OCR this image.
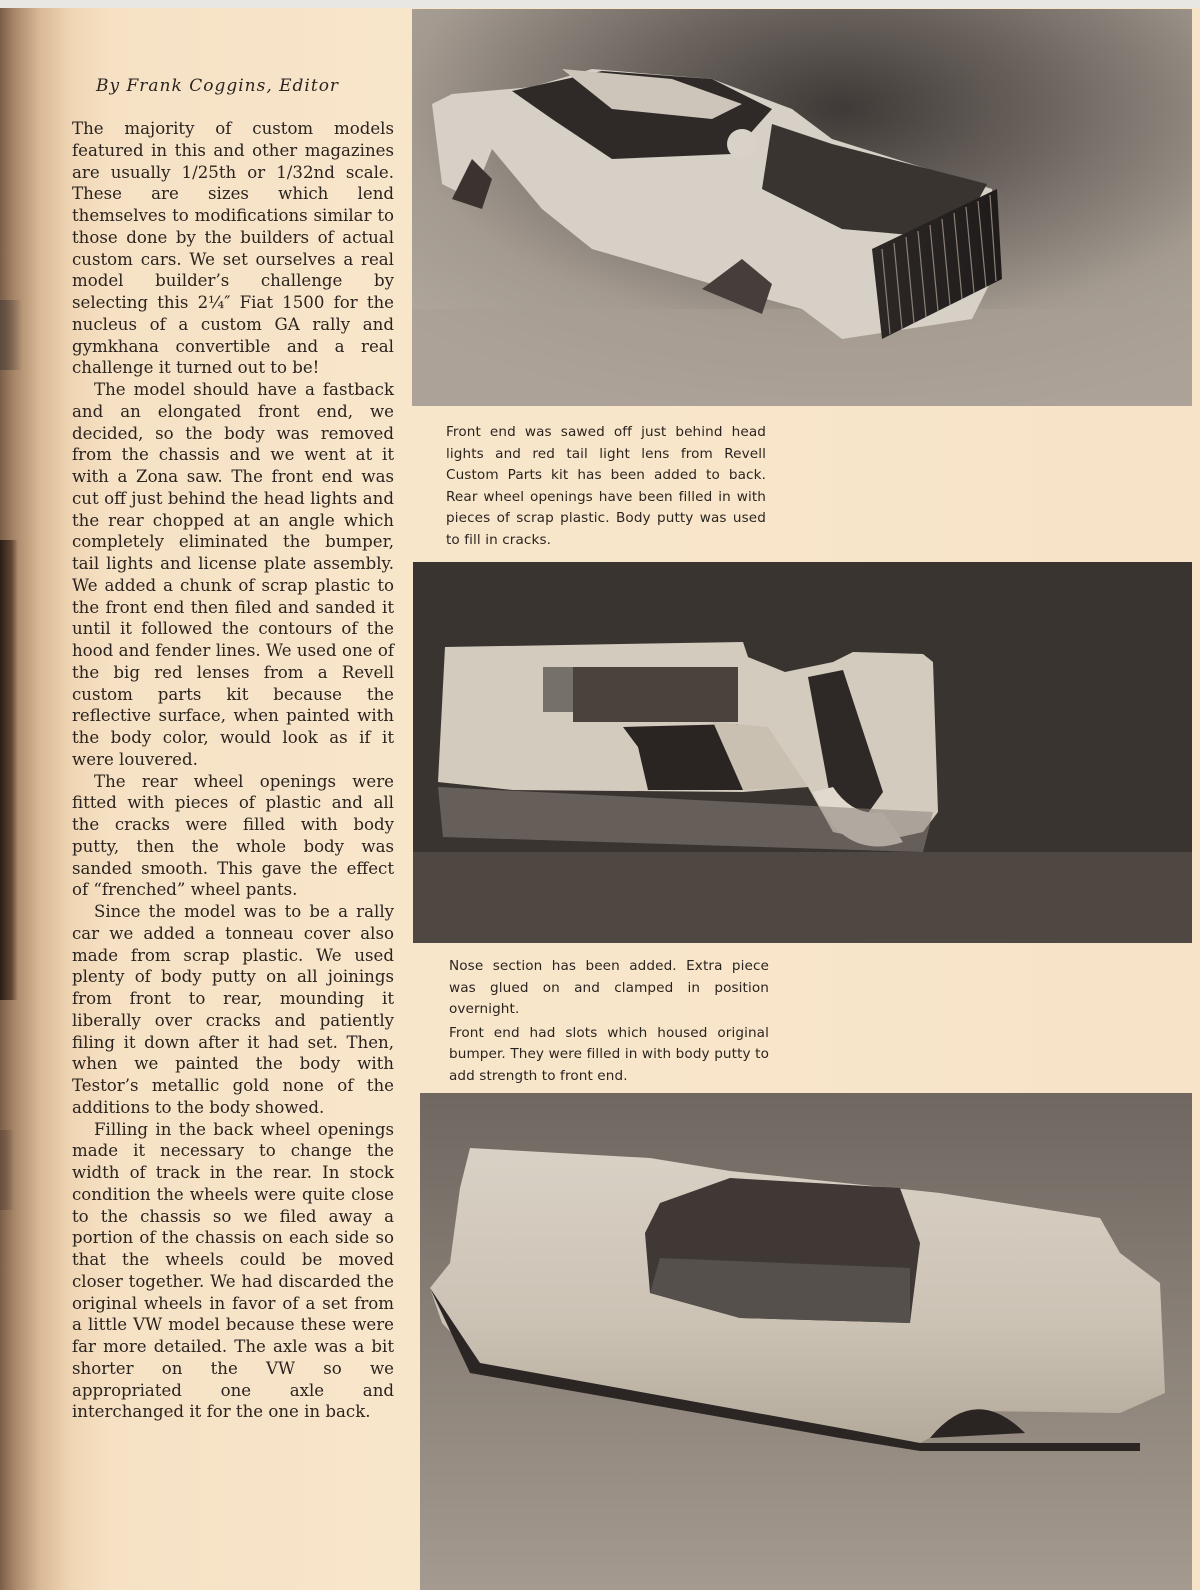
By Frank Coggins, Editor

The majority of custom models featured in this and other magazines are usually 1/25th or 1/32nd scale. These are sizes which lend themselves to modifications similar to those done by the builders of actual custom cars. We set ourselves a real model builder’s challenge by selecting this 2¼″ Fiat 1500 for the nucleus of a custom GA rally and gymkhana convertible and a real challenge it turned out to be!

The model should have a fastback and an elongated front end, we decided, so the body was removed from the chassis and we went at it with a Zona saw. The front end was cut off just behind the head lights and the rear chopped at an angle which completely eliminated the bumper, tail lights and license plate assembly. We added a chunk of scrap plastic to the front end then filed and sanded it until it followed the contours of the hood and fender lines. We used one of the big red lenses from a Revell custom parts kit because the reflective surface, when painted with the body color, would look as if it were louvered.

The rear wheel openings were fitted with pieces of plastic and all the cracks were filled with body putty, then the whole body was sanded smooth. This gave the effect of “frenched” wheel pants.

Since the model was to be a rally car we added a tonneau cover also made from scrap plastic. We used plenty of body putty on all joinings from front to rear, mounding it liberally over cracks and patiently filing it down after it had set. Then, when we painted the body with Testor’s metallic gold none of the additions to the body showed.

Filling in the back wheel openings made it necessary to change the width of track in the rear. In stock condition the wheels were quite close to the chassis so we filed away a portion of the chassis on each side so that the wheels could be moved closer together. We had discarded the original wheels in favor of a set from a little VW model because these were far more detailed. The axle was a bit shorter on the VW so we appropriated one axle and interchanged it for the one in back.

Front end was sawed off just behind head lights and red tail light lens from Revell Custom Parts kit has been added to back. Rear wheel openings have been filled in with pieces of scrap plastic. Body putty was used to fill in cracks.
Nose section has been added. Extra piece was glued on and clamped in position overnight.
Front end had slots which housed original bumper. They were filled in with body putty to add strength to front end.
